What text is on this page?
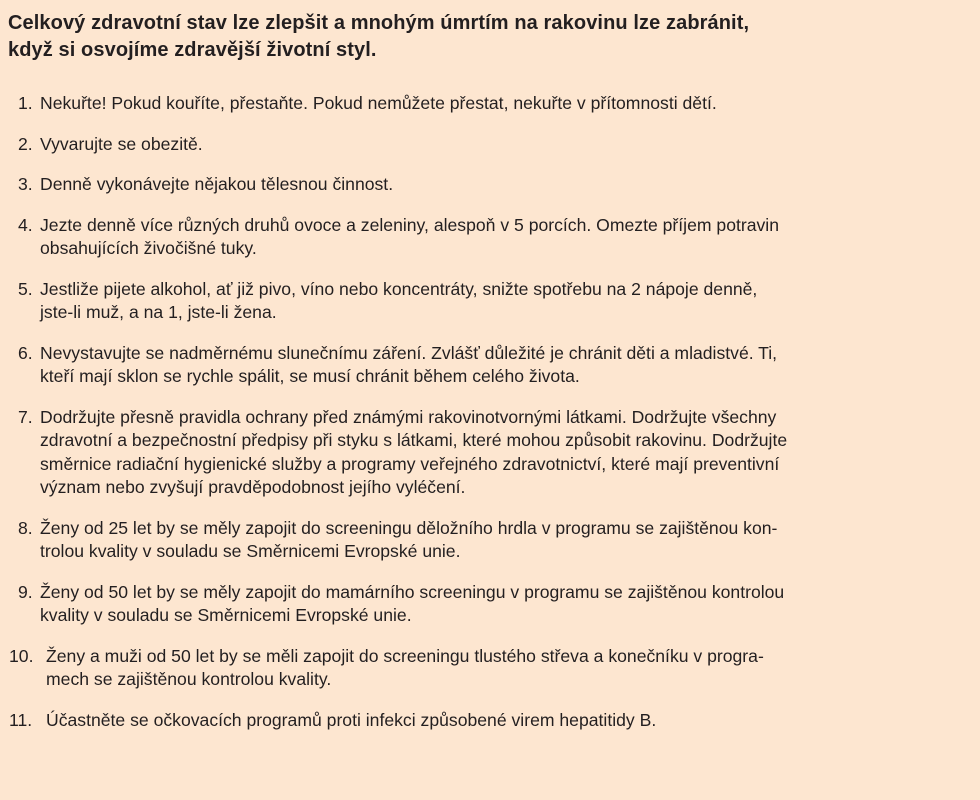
Celkový zdravotní stav lze zlepšit a mnohým úmrtím na rakovinu lze zabránit,
když si osvojíme zdravější životní styl.
1. Nekuřte! Pokud kouříte, přestaňte. Pokud nemůžete přestat, nekuřte v přítomnosti dětí.
2. Vyvarujte se obezitě.
3. Denně vykonávejte nějakou tělesnou činnost.
4. Jezte denně více různých druhů ovoce a zeleniny, alespoň v 5 porcích. Omezte příjem potravin
obsahujících živočišné tuky.
5. Jestliže pijete alkohol, ať již pivo, víno nebo koncentráty, snižte spotřebu na 2 nápoje denně,
jste-li muž, a na 1, jste-li žena.
6. Nevystavujte se nadměrnému slunečnímu záření. Zvlášť důležité je chránit děti a mladistvé. Ti,
kteří mají sklon se rychle spálit, se musí chránit během celého života.
7. Dodržujte přesně pravidla ochrany před známými rakovinotvornými látkami. Dodržujte všechny
zdravotní a bezpečnostní předpisy při styku s látkami, které mohou způsobit rakovinu. Dodržujte
směrnice radiační hygienické služby a programy veřejného zdravotnictví, které mají preventivní
význam nebo zvyšují pravděpodobnost jejího vyléčení.
8. Ženy od 25 let by se měly zapojit do screeningu děložního hrdla v programu se zajištěnou kon-
trolou kvality v souladu se Směrnicemi Evropské unie.
9. Ženy od 50 let by se měly zapojit do mamárního screeningu v programu se zajištěnou kontrolou
kvality v souladu se Směrnicemi Evropské unie.
10. Ženy a muži od 50 let by se měli zapojit do screeningu tlustého střeva a konečníku v progra-
mech se zajištěnou kontrolou kvality.
11. Účastněte se očkovacích programů proti infekci způsobené virem hepatitidy B.
